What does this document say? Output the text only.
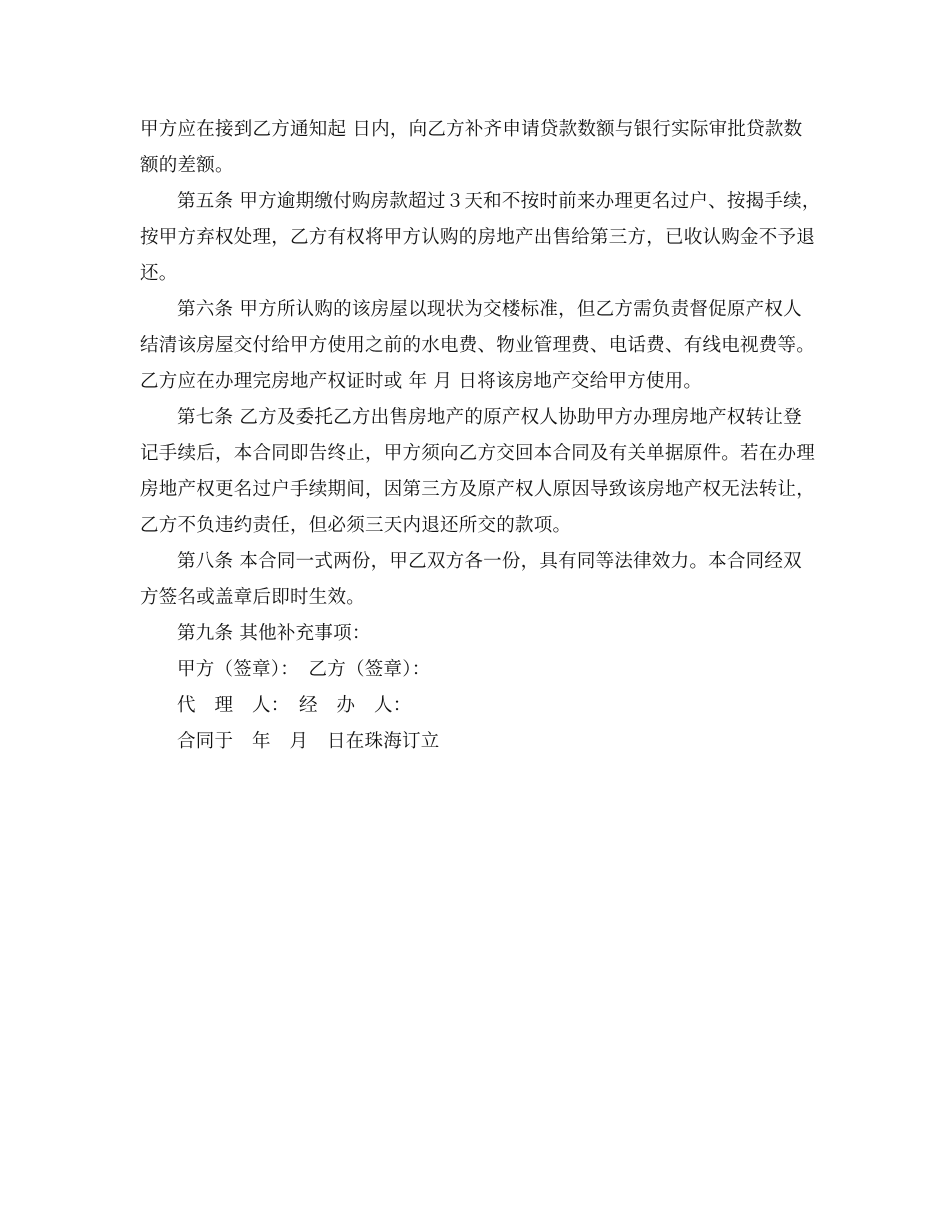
甲方应在接到乙方通知起 日内，向乙方补齐申请贷款数额与银行实际审批贷款数
额的差额。
第五条 甲方逾期缴付购房款超过３天和不按时前来办理更名过户、按揭手续，
按甲方弃权处理，乙方有权将甲方认购的房地产出售给第三方，已收认购金不予退
还。
第六条 甲方所认购的该房屋以现状为交楼标准，但乙方需负责督促原产权人
结清该房屋交付给甲方使用之前的水电费、物业管理费、电话费、有线电视费等。
乙方应在办理完房地产权证时或 年 月 日将该房地产交给甲方使用。
第七条 乙方及委托乙方出售房地产的原产权人协助甲方办理房地产权转让登
记手续后，本合同即告终止，甲方须向乙方交回本合同及有关单据原件。若在办理
房地产权更名过户手续期间，因第三方及原产权人原因导致该房地产权无法转让，
乙方不负违约责任，但必须三天内退还所交的款项。
第八条 本合同一式两份，甲乙双方各一份，具有同等法律效力。本合同经双
方签名或盖章后即时生效。
第九条 其他补充事项：
甲方（签章）：　乙方（签章）：
代　理　人：　经　办　人：
合同于　年　月　日在珠海订立
